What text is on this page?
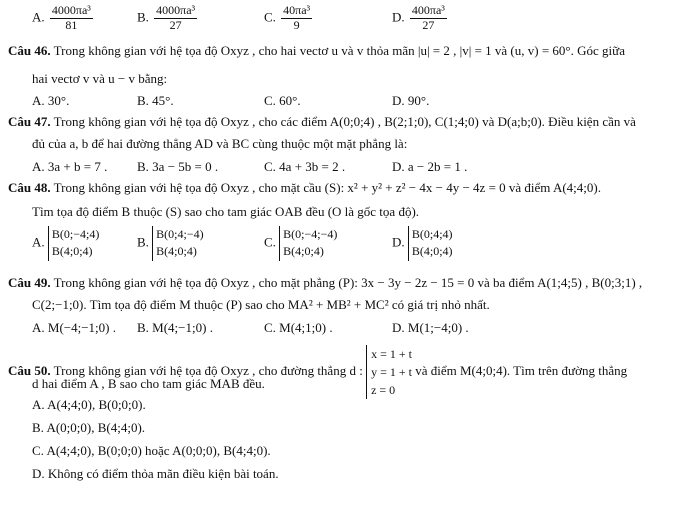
A. $\frac{\text{4000πa³}}{81}$	B. $\frac{\text{4000πa³}}{27}$	C. $\frac{\text{40πa³}}{9}$	D. $\frac{\text{400πa³}}{27}$
Câu 46. Trong không gian với hệ tọa độ Oxyz , cho hai vectơ u và v thỏa mãn |u| = 2 , |v| = 1 và (u, v) = 60°. Góc giữa
hai vectơ v và u − v bằng:
A. 30°.	B. 45°.	C. 60°.	D. 90°.
Câu 47. Trong không gian với hệ tọa độ Oxyz , cho các điểm A(0;0;4) , B(2;1;0), C(1;4;0) và D(a;b;0). Điều kiện cần và
đủ của a, b để hai đường thẳng AD và BC cùng thuộc một mặt phẳng là:
A. 3a + b = 7 . B. 3a − 5b = 0 .	C. 4a + 3b = 2 .	D. a − 2b = 1 .
Câu 48. Trong không gian với hệ tọa độ Oxyz , cho mặt cầu (S): x² + y² + z² − 4x − 4y − 4z = 0 và điểm A(4;4;0).
Tìm tọa độ điểm B thuộc (S) sao cho tam giác OAB đều (O là gốc tọa độ).
A. B(0;−4;4)
B(4;0;4)
B. B(0;4;−4)
B(4;0;4)
C. B(0;−4;−4)
B(4;0;4)
D. B(0;4;4)
B(4;0;4)
Câu 49. Trong không gian với hệ tọa độ Oxyz , cho mặt phẳng (P): 3x − 3y − 2z − 15 = 0 và ba điểm A(1;4;5) , B(0;3;1) ,
C(2;−1;0). Tìm tọa độ điểm M thuộc (P) sao cho MA² + MB² + MC² có giá trị nhỏ nhất.
A. M(−4;−1;0) . B. M(4;−1;0) .	C. M(4;1;0) .	D. M(1;−4;0) .
Câu 50. Trong không gian với hệ tọa độ Oxyz , cho đường thẳng d : x = 1 + t
y = 1 + t
z = 0 và điểm M(4;0;4). Tìm trên đường thẳng
d hai điểm A , B sao cho tam giác MAB đều.
A. A(4;4;0), B(0;0;0).
B. A(0;0;0), B(4;4;0).
C. A(4;4;0), B(0;0;0) hoặc A(0;0;0), B(4;4;0).
D. Không có điểm thỏa mãn điều kiện bài toán.
